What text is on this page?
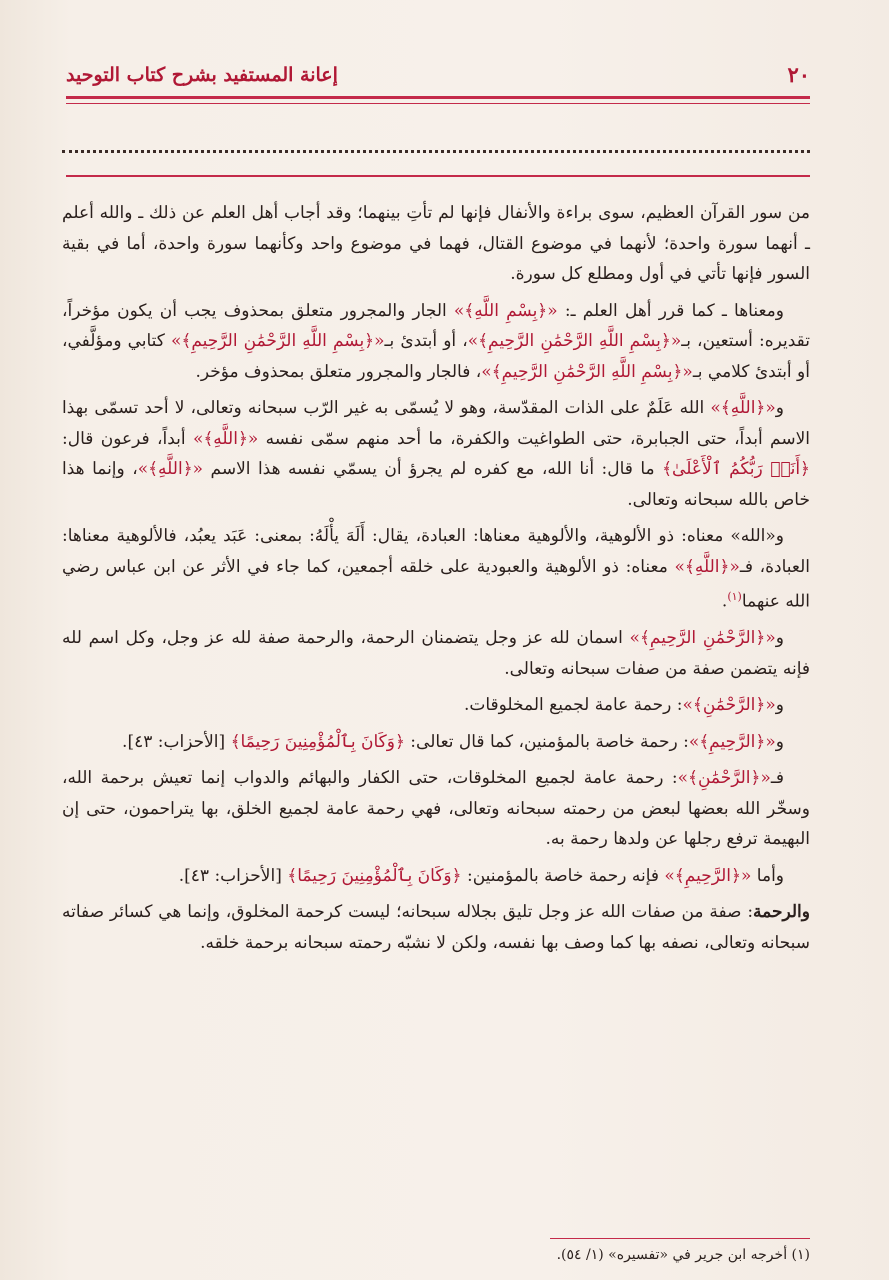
٢٠
إعانة المستفيد بشرح كتاب التوحيد

من سور القرآن العظيم، سوى براءة والأنفال فإنها لم تأتِ بينهما؛ وقد أجاب أهل العلم عن ذلك ـ والله أعلم ـ أنهما سورة واحدة؛ لأنهما في موضوع القتال، فهما في موضوع واحد وكأنهما سورة واحدة، أما في بقية السور فإنها تأتي في أول ومطلع كل سورة.

ومعناها ـ كما قرر أهل العلم ـ: «﴿بِسْمِ اللَّهِ﴾» الجار والمجرور متعلق بمحذوف يجب أن يكون مؤخراً، تقديره: أستعين، بـ«﴿بِسْمِ اللَّهِ الرَّحْمَٰنِ الرَّحِيمِ﴾»، أو أبتدئ بـ«﴿بِسْمِ اللَّهِ الرَّحْمَٰنِ الرَّحِيمِ﴾» كتابي ومؤلَّفي، أو أبتدئ كلامي بـ«﴿بِسْمِ اللَّهِ الرَّحْمَٰنِ الرَّحِيمِ﴾»، فالجار والمجرور متعلق بمحذوف مؤخر.

و«﴿اللَّهِ﴾» الله عَلَمٌ على الذات المقدّسة، وهو لا يُسمّى به غير الرّب سبحانه وتعالى، لا أحد تسمّى بهذا الاسم أبداً، حتى الجبابرة، حتى الطواغيت والكفرة، ما أحد منهم سمّى نفسه «﴿اللَّهِ﴾» أبداً، فرعون قال: ﴿أَنَا۠ رَبُّكُمُ ٱلْأَعْلَىٰ﴾ ما قال: أنا الله، مع كفره لم يجرؤ أن يسمّي نفسه هذا الاسم «﴿اللَّهِ﴾»، وإنما هذا خاص بالله سبحانه وتعالى.

و«الله» معناه: ذو الألوهية، والألوهية معناها: العبادة، يقال: أَلَهَ يأْلَهُ: بمعنى: عَبَد يعبُد، فالألوهية معناها: العبادة، فـ«﴿اللَّهِ﴾» معناه: ذو الألوهية والعبودية على خلقه أجمعين، كما جاء في الأثر عن ابن عباس رضي الله عنهما$^{(١)}$.

و«﴿الرَّحْمَٰنِ الرَّحِيمِ﴾» اسمان لله عز وجل يتضمنان الرحمة، والرحمة صفة لله عز وجل، وكل اسم لله فإنه يتضمن صفة من صفات سبحانه وتعالى.

و«﴿الرَّحْمَٰنِ﴾»: رحمة عامة لجميع المخلوقات.

و«﴿الرَّحِيمِ﴾»: رحمة خاصة بالمؤمنين، كما قال تعالى: ﴿وَكَانَ بِٱلْمُؤْمِنِينَ رَحِيمًا﴾ [الأحزاب: ٤٣].

فـ«﴿الرَّحْمَٰنِ﴾»: رحمة عامة لجميع المخلوقات، حتى الكفار والبهائم والدواب إنما تعيش برحمة الله، وسخّر الله بعضها لبعض من رحمته سبحانه وتعالى، فهي رحمة عامة لجميع الخلق، بها يتراحمون، حتى إن البهيمة ترفع رجلها عن ولدها رحمة به.

وأما «﴿الرَّحِيمِ﴾» فإنه رحمة خاصة بالمؤمنين: ﴿وَكَانَ بِٱلْمُؤْمِنِينَ رَحِيمًا﴾ [الأحزاب: ٤٣].

والرحمة: صفة من صفات الله عز وجل تليق بجلاله سبحانه؛ ليست كرحمة المخلوق، وإنما هي كسائر صفاته سبحانه وتعالى، نصفه بها كما وصف بها نفسه، ولكن لا نشبّه رحمته سبحانه برحمة خلقه.

(١) أخرجه ابن جرير في «تفسيره» (١/ ٥٤).
